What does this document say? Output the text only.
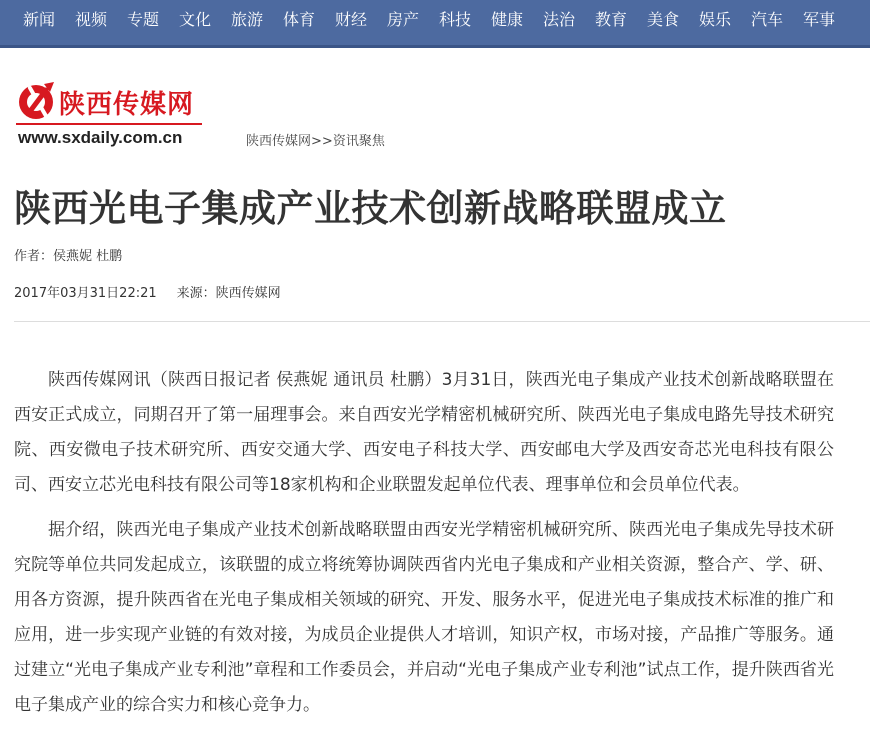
新闻	视频	专题	文化	旅游	体育	财经	房产	科技	健康	法治	教育	美食	娱乐	汽车	军事
陕西传媒网
www.sxdaily.com.cn	陕西传媒网>>资讯聚焦
陕西光电子集成产业技术创新战略联盟成立
作者：侯燕妮 杜鹏
2017年03月31日22:21 来源：陕西传媒网

陕西传媒网讯（陕西日报记者 侯燕妮 通讯员 杜鹏）3月31日，陕西光电子集成产业技术创新战略联盟在西安正式成立，同期召开了第一届理事会。来自西安光学精密机械研究所、陕西光电子集成电路先导技术研究院、西安微电子技术研究所、西安交通大学、西安电子科技大学、西安邮电大学及西安奇芯光电科技有限公司、西安立芯光电科技有限公司等18家机构和企业联盟发起单位代表、理事单位和会员单位代表。

据介绍，陕西光电子集成产业技术创新战略联盟由西安光学精密机械研究所、陕西光电子集成先导技术研究院等单位共同发起成立，该联盟的成立将统筹协调陕西省内光电子集成和产业相关资源，整合产、学、研、用各方资源，提升陕西省在光电子集成相关领域的研究、开发、服务水平，促进光电子集成技术标准的推广和应用，进一步实现产业链的有效对接，为成员企业提供人才培训，知识产权，市场对接，产品推广等服务。通过建立“光电子集成产业专利池”章程和工作委员会，并启动“光电子集成产业专利池”试点工作，提升陕西省光电子集成产业的综合实力和核心竞争力。
